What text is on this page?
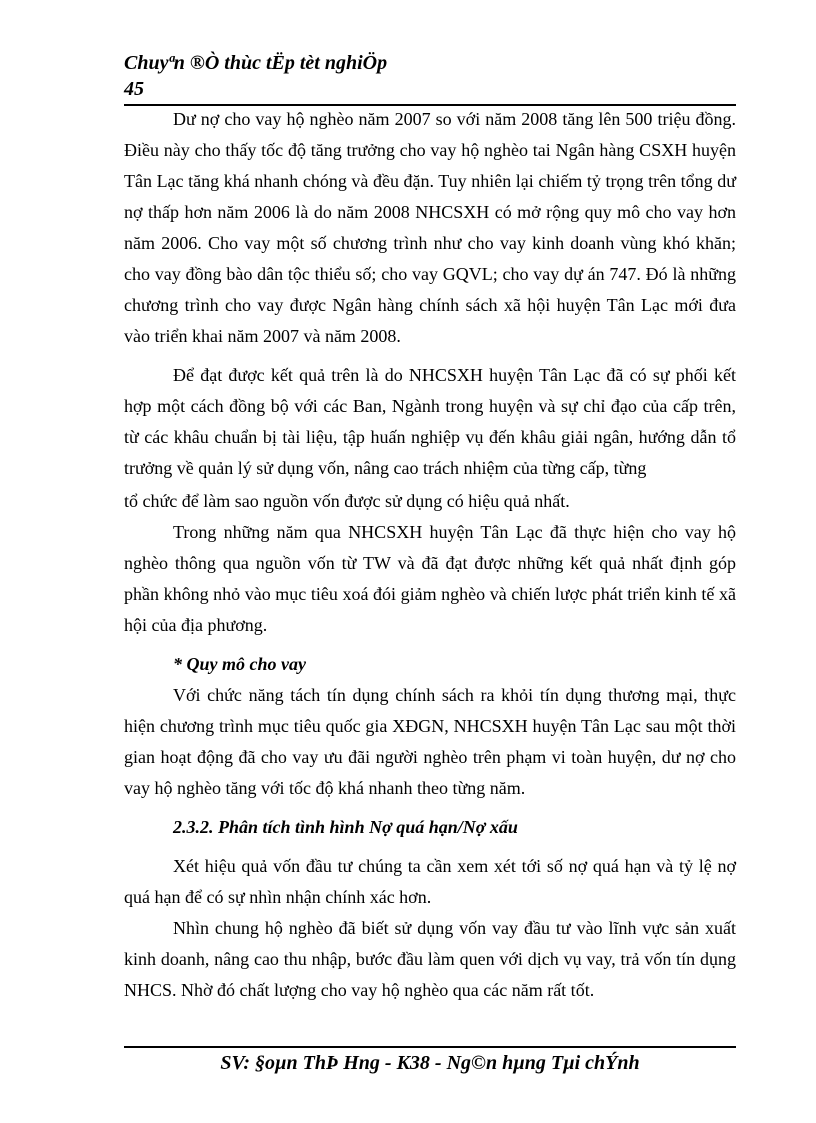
Chuyªn ®Ò thùc tËp tèt nghiÖp
45

Dư nợ cho vay hộ nghèo năm 2007 so với năm 2008 tăng lên 500 triệu đồng. Điều này cho thấy tốc độ tăng trưởng cho vay hộ nghèo tai Ngân hàng CSXH huyện Tân Lạc tăng khá nhanh chóng và đều đặn. Tuy nhiên lại chiếm tỷ trọng trên tổng dư nợ thấp hơn năm 2006 là do năm 2008 NHCSXH có mở rộng quy mô cho vay hơn năm 2006. Cho vay một số chương trình như cho vay kinh doanh vùng khó khăn; cho vay đồng bào dân tộc thiểu số; cho vay GQVL; cho vay dự án 747. Đó là những chương trình cho vay được Ngân hàng chính sách xã hội huyện Tân Lạc mới đưa vào triển khai năm 2007 và năm 2008.

Để đạt được kết quả trên là do NHCSXH huyện Tân Lạc đã có sự phối kết hợp một cách đồng bộ với các Ban, Ngành trong huyện và sự chỉ đạo của cấp trên, từ các khâu chuẩn bị tài liệu, tập huấn nghiệp vụ đến khâu giải ngân, hướng dẫn tổ trưởng về quản lý sử dụng vốn, nâng cao trách nhiệm của từng cấp, từng

tổ chức để làm sao nguồn vốn được sử dụng có hiệu quả nhất.

Trong những năm qua NHCSXH huyện Tân Lạc đã thực hiện cho vay hộ nghèo thông qua nguồn vốn từ TW và đã đạt được những kết quả nhất định góp phần không nhỏ vào mục tiêu xoá đói giảm nghèo và chiến lược phát triển kinh tế xã hội của địa phương.

* Quy mô cho vay

Với chức năng tách tín dụng chính sách ra khỏi tín dụng thương mại, thực hiện chương trình mục tiêu quốc gia XĐGN, NHCSXH huyện Tân Lạc sau một thời gian hoạt động đã cho vay ưu đãi người nghèo trên phạm vi toàn huyện, dư nợ cho vay hộ nghèo tăng với tốc độ khá nhanh theo từng năm.

2.3.2. Phân tích tình hình Nợ quá hạn/Nợ xấu

Xét hiệu quả vốn đầu tư chúng ta cần xem xét tới số nợ quá hạn và tỷ lệ nợ quá hạn để có sự nhìn nhận chính xác hơn.

Nhìn chung hộ nghèo đã biết sử dụng vốn vay đầu tư vào lĩnh vực sản xuất kinh doanh, nâng cao thu nhập, bước đầu làm quen với dịch vụ vay, trả vốn tín dụng NHCS. Nhờ đó chất lượng cho vay hộ nghèo qua các năm rất tốt.

SV: §oµn ThÞ Hng - K38 - Ng©n hµng Tµi chÝnh
